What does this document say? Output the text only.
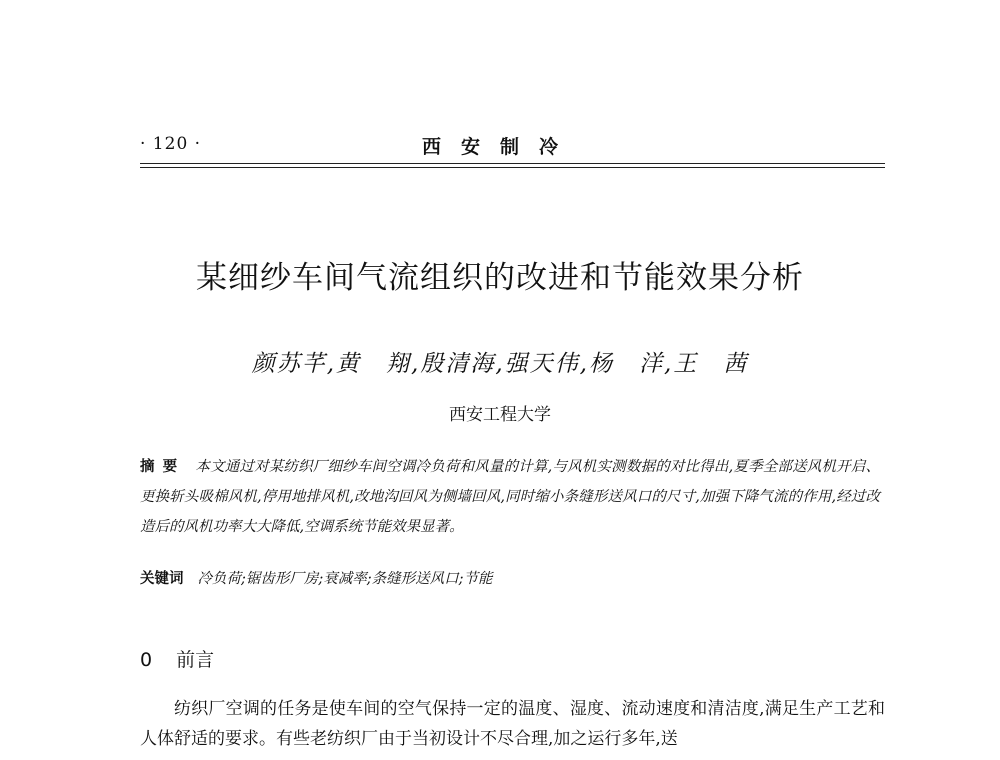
· 120 ·	西安制冷
某细纱车间气流组织的改进和节能效果分析
颜苏芊,黄　翔,殷清海,强天伟,杨　洋,王　茜
西安工程大学
摘要 本文通过对某纺织厂细纱车间空调冷负荷和风量的计算,与风机实测数据的对比得出,夏季全部送风机开启、更换斩头吸棉风机,停用地排风机,改地沟回风为侧墙回风,同时缩小条缝形送风口的尺寸,加强下降气流的作用,经过改造后的风机功率大大降低,空调系统节能效果显著。
关键词 冷负荷;锯齿形厂房;衰减率;条缝形送风口;节能
0 前言
纺织厂空调的任务是使车间的空气保持一定的温度、湿度、流动速度和清洁度,满足生产工艺和人体舒适的要求。有些老纺织厂由于当初设计不尽合理,加之运行多年,送
